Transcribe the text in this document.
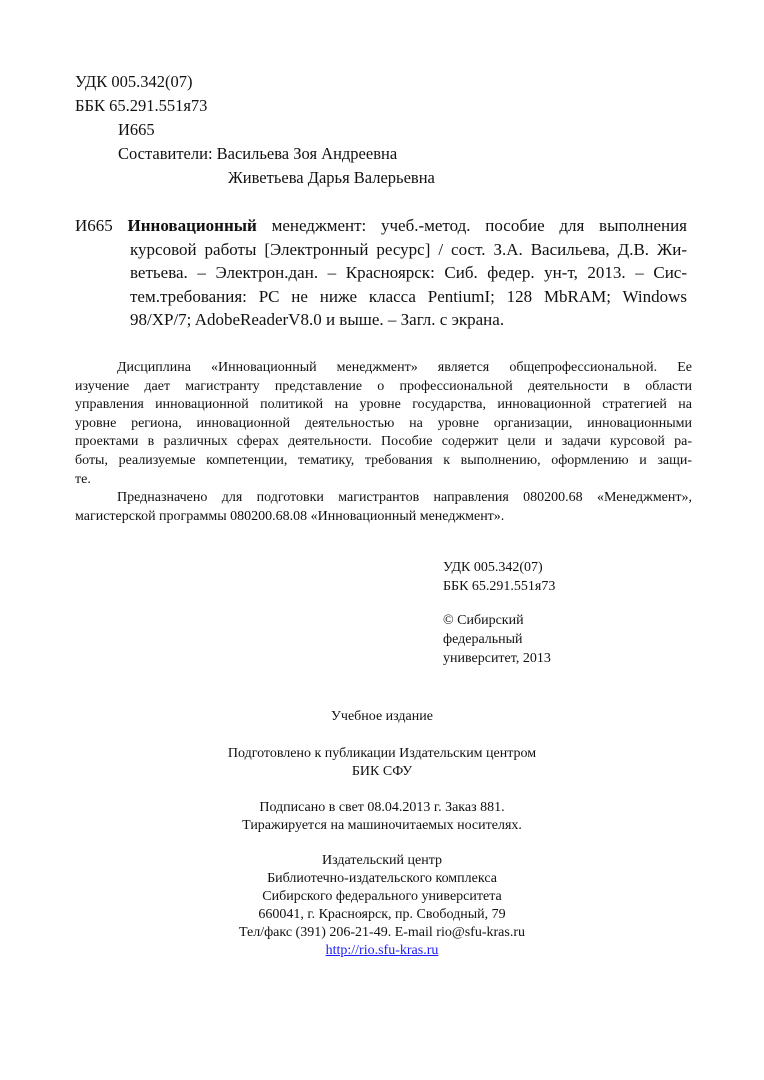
УДК 005.342(07)
ББК 65.291.551я73
И665
Составители: Васильева Зоя Андреевна
Живетьева Дарья Валерьевна
И665 Инновационный менеджмент: учеб.-метод. пособие для выполнения
курсовой работы [Электронный ресурс] / сост. З.А. Васильева, Д.В. Жи-
ветьева. – Электрон.дан. – Красноярск: Сиб. федер. ун-т, 2013. – Сис-
тем.требования: PC не ниже класса PentiumI; 128 MbRAM; Windows
98/XP/7; AdobeReaderV8.0 и выше. – Загл. с экрана.
Дисциплина «Инновационный менеджмент» является общепрофессиональной. Ее
изучение дает магистранту представление о профессиональной деятельности в области
управления инновационной политикой на уровне государства, инновационной стратегией на
уровне региона, инновационной деятельностью на уровне организации, инновационными
проектами в различных сферах деятельности. Пособие содержит цели и задачи курсовой ра-
боты, реализуемые компетенции, тематику, требования к выполнению, оформлению и защи-
те.
Предназначено для подготовки магистрантов направления 080200.68 «Менеджмент»,
магистерской программы 080200.68.08 «Инновационный менеджмент».
УДК 005.342(07)
ББК 65.291.551я73
© Сибирский
федеральный
университет, 2013
Учебное издание
Подготовлено к публикации Издательским центром
БИК СФУ
Подписано в свет 08.04.2013 г. Заказ 881.
Тиражируется на машиночитаемых носителях.
Издательский центр
Библиотечно-издательского комплекса
Сибирского федерального университета
660041, г. Красноярск, пр. Свободный, 79
Тел/факс (391) 206-21-49. E-mail rio@sfu-kras.ru
http://rio.sfu-kras.ru
